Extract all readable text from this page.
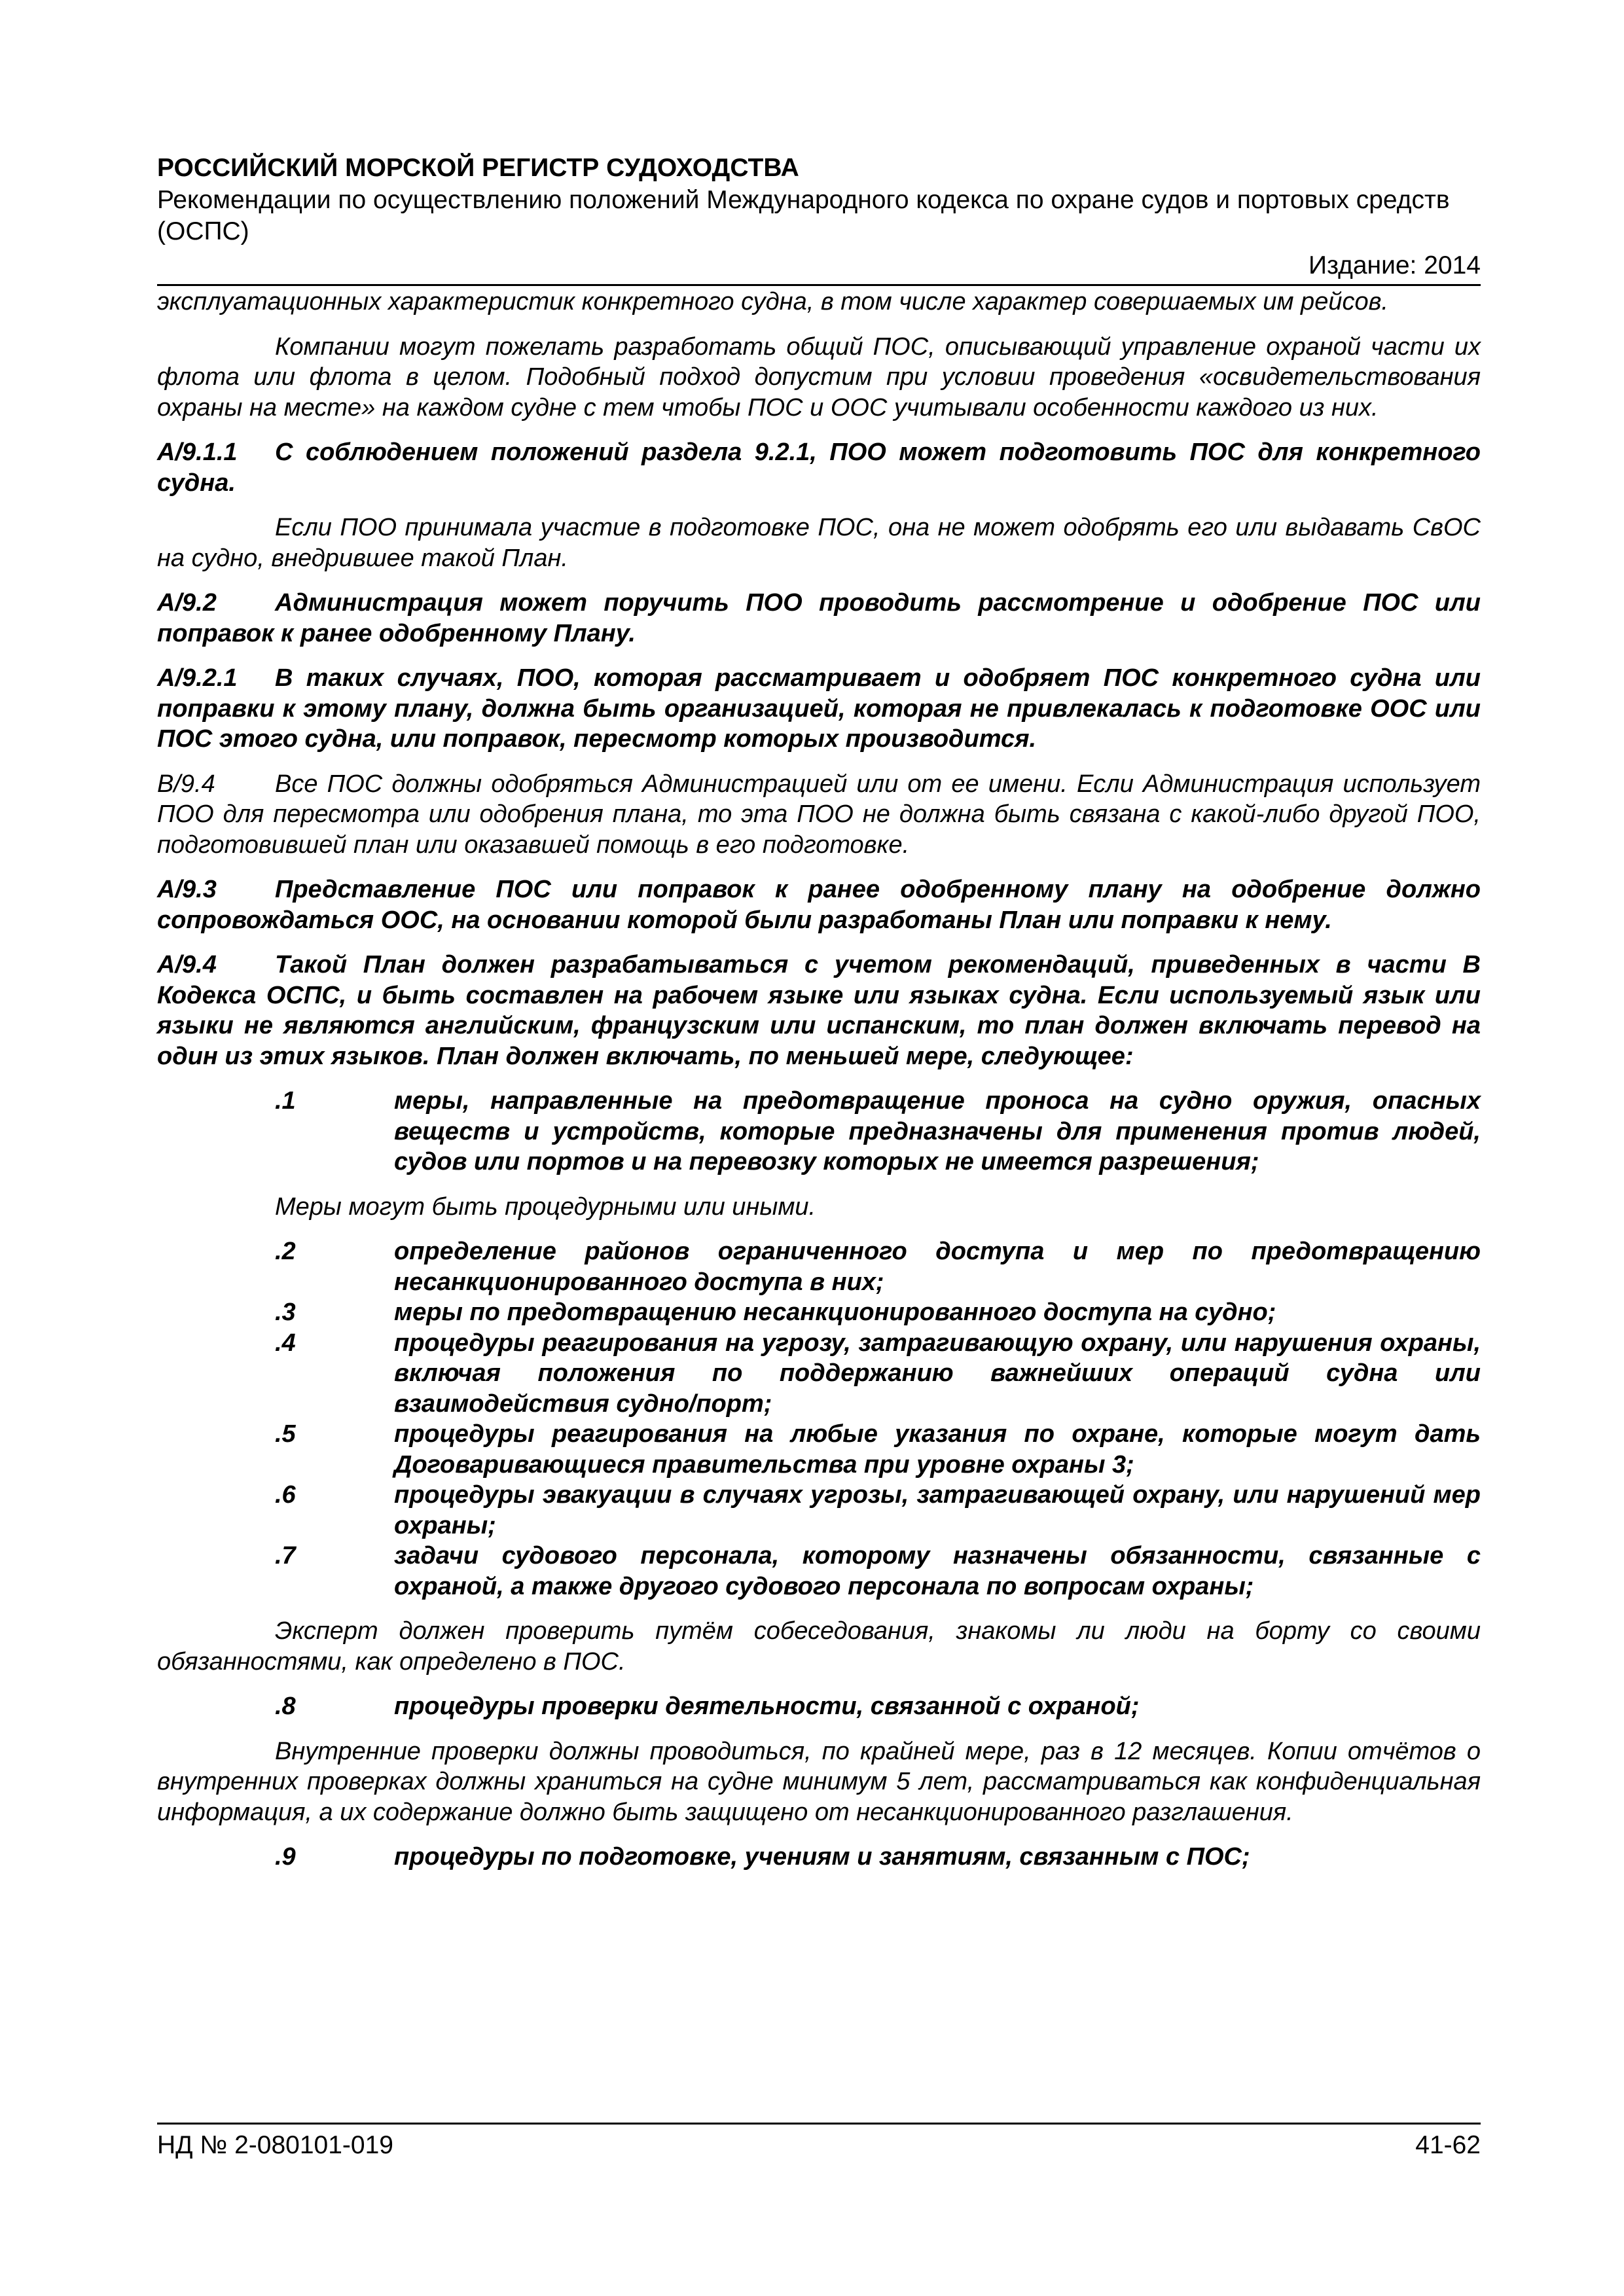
РОССИЙСКИЙ МОРСКОЙ РЕГИСТР СУДОХОДСТВА

Рекомендации по осуществлению положений Международного кодекса по охране судов и портовых средств (ОСПС)

Издание: 2014

эксплуатационных характеристик конкретного судна, в том числе характер совершаемых им рейсов.

Компании могут пожелать разработать общий ПОС, описывающий управление охраной части их флота или флота в целом. Подобный подход допустим при условии проведения «освидетельствования охраны на месте» на каждом судне с тем чтобы ПОС и ООС учитывали особенности каждого из них.

А/9.1.1 С соблюдением положений раздела 9.2.1, ПОО может подготовить ПОС для конкретного судна.

Если ПОО принимала участие в подготовке ПОС, она не может одобрять его или выдавать СвОС на судно, внедрившее такой План.

А/9.2 Администрация может поручить ПОО проводить рассмотрение и одобрение ПОС или поправок к ранее одобренному Плану.

А/9.2.1 В таких случаях, ПОО, которая рассматривает и одобряет ПОС конкретного судна или поправки к этому плану, должна быть организацией, которая не привлекалась к подготовке ООС или ПОС этого судна, или поправок, пересмотр которых производится.

В/9.4 Все ПОС должны одобряться Администрацией или от ее имени. Если Администрация использует ПОО для пересмотра или одобрения плана, то эта ПОО не должна быть связана с какой-либо другой ПОО, подготовившей план или оказавшей помощь в его подготовке.

А/9.3 Представление ПОС или поправок к ранее одобренному плану на одобрение должно сопровождаться ООС, на основании которой были разработаны План или поправки к нему.

А/9.4 Такой План должен разрабатываться с учетом рекомендаций, приведенных в части В Кодекса ОСПС, и быть составлен на рабочем языке или языках судна. Если используемый язык или языки не являются английским, французским или испанским, то план должен включать перевод на один из этих языков. План должен включать, по меньшей мере, следующее:

.1	меры, направленные на предотвращение проноса на судно оружия, опасных веществ и устройств, которые предназначены для применения против людей, судов или портов и на перевозку которых не имеется разрешения;

Меры могут быть процедурными или иными.

.2	определение районов ограниченного доступа и мер по предотвращению несанкционированного доступа в них;
.3	меры по предотвращению несанкционированного доступа на судно;
.4	процедуры реагирования на угрозу, затрагивающую охрану, или нарушения охраны, включая положения по поддержанию важнейших операций судна или взаимодействия судно/порт;
.5	процедуры реагирования на любые указания по охране, которые могут дать Договаривающиеся правительства при уровне охраны 3;
.6	процедуры эвакуации в случаях угрозы, затрагивающей охрану, или нарушений мер охраны;
.7	задачи судового персонала, которому назначены обязанности, связанные с охраной, а также другого судового персонала по вопросам охраны;

Эксперт должен проверить путём собеседования, знакомы ли люди на борту со своими обязанностями, как определено в ПОС.

.8	процедуры проверки деятельности, связанной с охраной;

Внутренние проверки должны проводиться, по крайней мере, раз в 12 месяцев. Копии отчётов о внутренних проверках должны храниться на судне минимум 5 лет, рассматриваться как конфиденциальная информация, а их содержание должно быть защищено от несанкционированного разглашения.

.9	процедуры по подготовке, учениям и занятиям, связанным с ПОС;
НД № 2-080101-019	41-62
